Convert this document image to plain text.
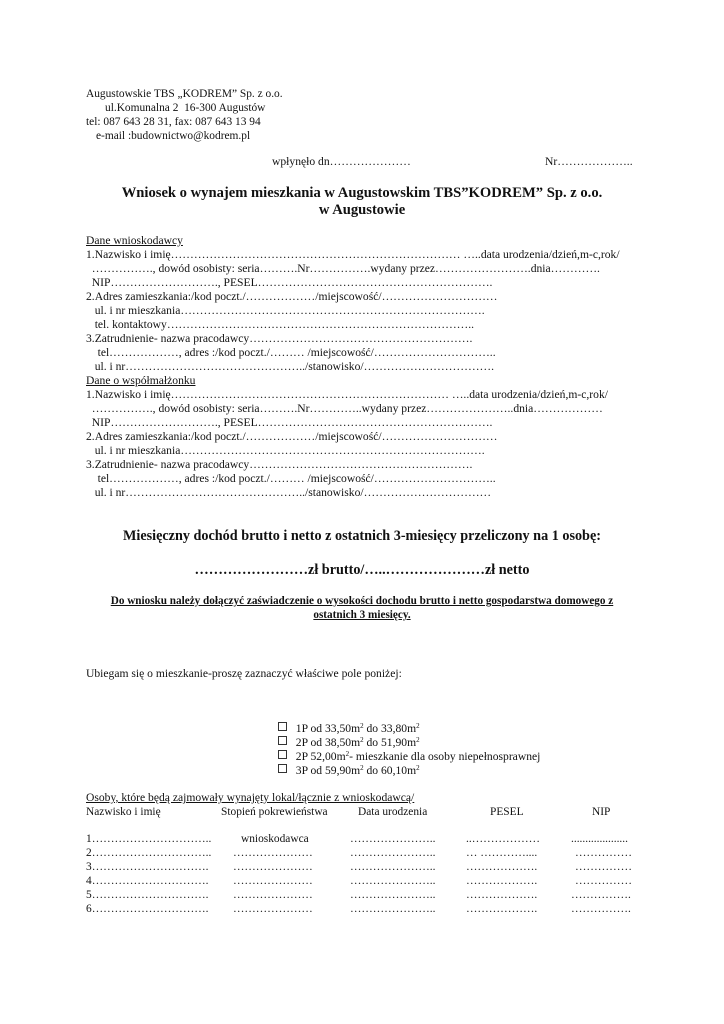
Augustowskie TBS „KODREM” Sp. z o.o.
ul.Komunalna 2  16-300 Augustów
tel: 087 643 28 31, fax: 087 643 13 94
e-mail :budownictwo@kodrem.pl
wpłynęło dn…………………	Nr………………..
Wniosek o wynajem mieszkania w Augustowskim TBS”KODREM” Sp. z o.o.
w Augustowie
Dane wnioskodawcy
1.Nazwisko i imię………………………………………………………………… …..data urodzenia/dzień,m-c,rok/
……………., dowód osobisty: seria……….Nr…………….wydany przez…………………….dnia………….
NIP………………………., PESEL…………………………………………………….
2.Adres zamieszkania:/kod poczt./………………/miejscowość/…………………………
ul. i nr mieszkania…………………………………………………………………….
tel. kontaktowy……………………………………………………………………..
3.Zatrudnienie- nazwa pracodawcy………………………………………………….
tel………………, adres :/kod poczt./……… /miejscowość/…………………………..
ul. i nr………………………………………../stanowisko/…………………………….
Dane o współmałżonku
1.Nazwisko i imię……………………………………………………………… …..data urodzenia/dzień,m-c,rok/
……………., dowód osobisty: seria……….Nr…………..wydany przez…………………..dnia………………
NIP………………………., PESEL…………………………………………………….
2.Adres zamieszkania:/kod poczt./………………/miejscowość/…………………………
ul. i nr mieszkania…………………………………………………………………….
3.Zatrudnienie- nazwa pracodawcy………………………………………………….
tel………………, adres :/kod poczt./……… /miejscowość/…………………………..
ul. i nr………………………………………../stanowisko/……………………………
Miesięczny dochód brutto i netto z ostatnich 3-miesięcy przeliczony na 1 osobę:
……………………zł brutto/…..…………………zł netto
Do wniosku należy dołączyć zaświadczenie o wysokości dochodu brutto i netto gospodarstwa domowego z
ostatnich 3 miesięcy.
Ubiegam się o mieszkanie-proszę zaznaczyć właściwe pole poniżej:

1P od $33,50m^2$ do $33,80m^2$

2P od $38,50m^2$ do $51,90m^2$

2P $52,00m^2-$ mieszkanie dla osoby niepełnosprawnej

3P od $59,90m^2$ do $60,10m^2$

Osoby, które będą zajmowały wynajęty lokal/łącznie z wnioskodawcą/
Nazwisko i imię	Stopień pokrewieństwa	Data urodzenia	PESEL	NIP
1…………………………..	wnioskodawca	…………………..	..………………	....................
2………………………….. …………………	…………………..	… …………....	……………
3…………………………. …………………	…………………..	……………….	……………
4…………………………. …………………	…………………..	……………….	……………
5…………………………. …………………	…………………..	……………….	…………….
6…………………………. …………………	…………………..	……………….	…………….
